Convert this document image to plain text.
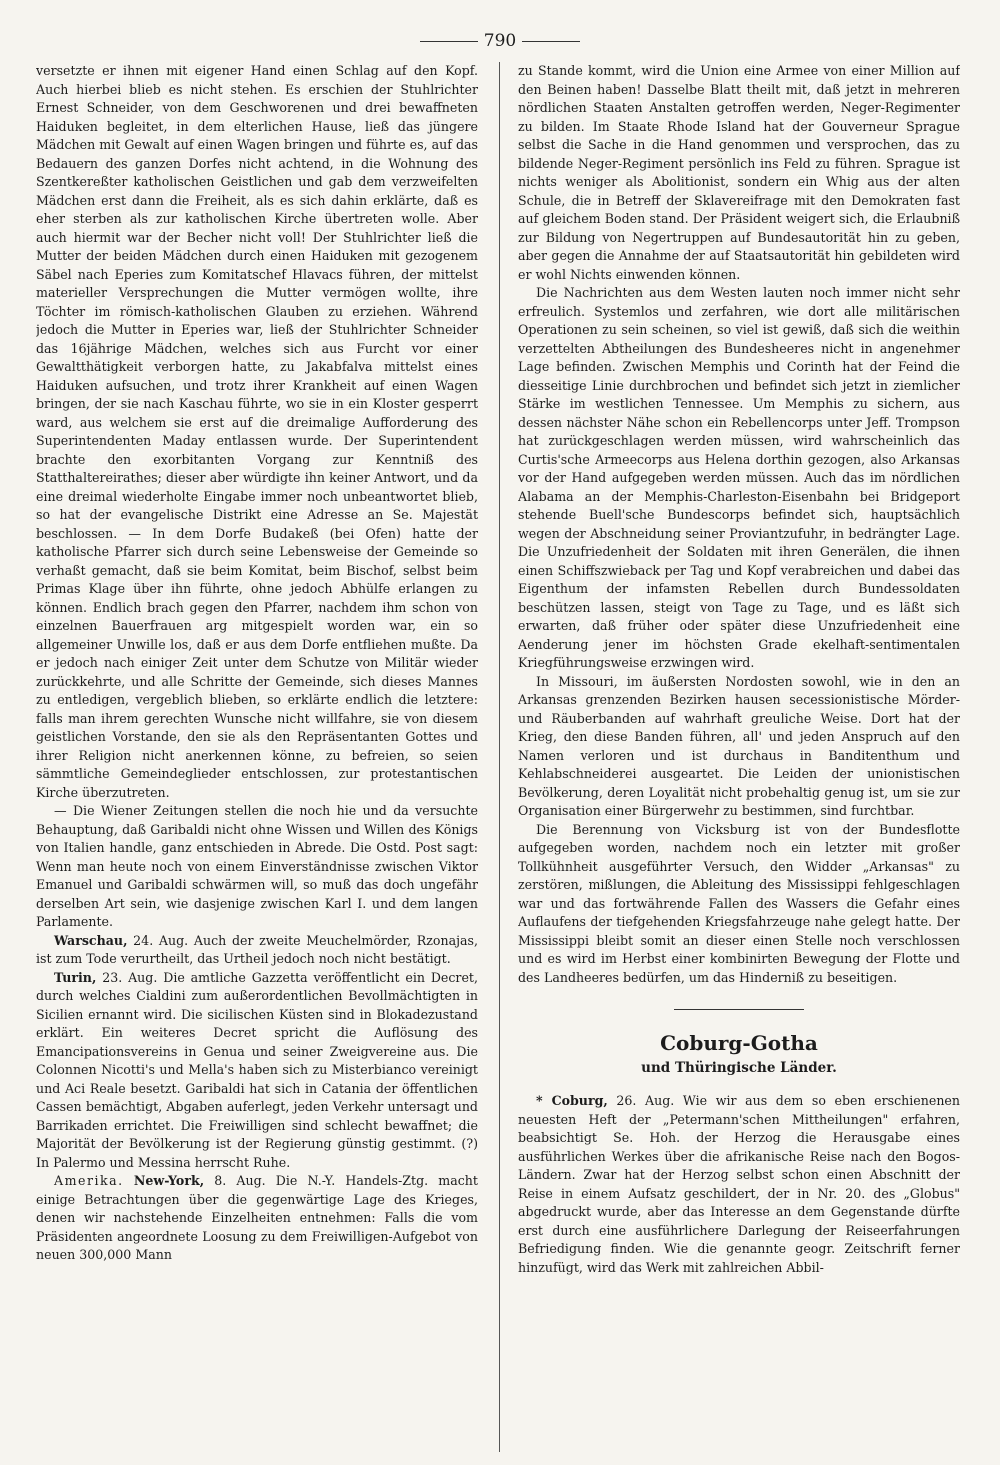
790

versetzte er ihnen mit eigener Hand einen Schlag auf den Kopf. Auch hierbei blieb es nicht stehen. Es erschien der Stuhlrichter Ernest Schneider, von dem Geschworenen und drei bewaffneten Haiduken begleitet, in dem elterlichen Hause, ließ das jüngere Mädchen mit Gewalt auf einen Wagen bringen und führte es, auf das Bedauern des ganzen Dorfes nicht achtend, in die Wohnung des Szentkereßter katholischen Geistlichen und gab dem verzweifelten Mädchen erst dann die Freiheit, als es sich dahin erklärte, daß es eher sterben als zur katholischen Kirche übertreten wolle. Aber auch hiermit war der Becher nicht voll! Der Stuhlrichter ließ die Mutter der beiden Mädchen durch einen Haiduken mit gezogenem Säbel nach Eperies zum Komitatschef Hlavacs führen, der mittelst materieller Versprechungen die Mutter vermögen wollte, ihre Töchter im römisch-katholischen Glauben zu erziehen. Während jedoch die Mutter in Eperies war, ließ der Stuhlrichter Schneider das 16jährige Mädchen, welches sich aus Furcht vor einer Gewaltthätigkeit verborgen hatte, zu Jakabfalva mittelst eines Haiduken aufsuchen, und trotz ihrer Krankheit auf einen Wagen bringen, der sie nach Kaschau führte, wo sie in ein Kloster gesperrt ward, aus welchem sie erst auf die dreimalige Aufforderung des Superintendenten Maday entlassen wurde. Der Superintendent brachte den exorbitanten Vorgang zur Kenntniß des Statthaltereirathes; dieser aber würdigte ihn keiner Antwort, und da eine dreimal wiederholte Eingabe immer noch unbeantwortet blieb, so hat der evangelische Distrikt eine Adresse an Se. Majestät beschlossen. — In dem Dorfe Budakeß (bei Ofen) hatte der katholische Pfarrer sich durch seine Lebensweise der Gemeinde so verhaßt gemacht, daß sie beim Komitat, beim Bischof, selbst beim Primas Klage über ihn führte, ohne jedoch Abhülfe erlangen zu können. Endlich brach gegen den Pfarrer, nachdem ihm schon von einzelnen Bauerfrauen arg mitgespielt worden war, ein so allgemeiner Unwille los, daß er aus dem Dorfe entfliehen mußte. Da er jedoch nach einiger Zeit unter dem Schutze von Militär wieder zurückkehrte, und alle Schritte der Gemeinde, sich dieses Mannes zu entledigen, vergeblich blieben, so erklärte endlich die letztere: falls man ihrem gerechten Wunsche nicht willfahre, sie von diesem geistlichen Vorstande, den sie als den Repräsentanten Gottes und ihrer Religion nicht anerkennen könne, zu befreien, so seien sämmtliche Gemeindeglieder entschlossen, zur protestantischen Kirche überzutreten.

— Die Wiener Zeitungen stellen die noch hie und da versuchte Behauptung, daß Garibaldi nicht ohne Wissen und Willen des Königs von Italien handle, ganz entschieden in Abrede. Die Ostd. Post sagt: Wenn man heute noch von einem Einverständnisse zwischen Viktor Emanuel und Garibaldi schwärmen will, so muß das doch ungefähr derselben Art sein, wie dasjenige zwischen Karl I. und dem langen Parlamente.

Warschau, 24. Aug. Auch der zweite Meuchelmörder, Rzonajas, ist zum Tode verurtheilt, das Urtheil jedoch noch nicht bestätigt.

Turin, 23. Aug. Die amtliche Gazzetta veröffentlicht ein Decret, durch welches Cialdini zum außerordentlichen Bevollmächtigten in Sicilien ernannt wird. Die sicilischen Küsten sind in Blokadezustand erklärt. Ein weiteres Decret spricht die Auflösung des Emancipationsvereins in Genua und seiner Zweigvereine aus. Die Colonnen Nicotti's und Mella's haben sich zu Misterbianco vereinigt und Aci Reale besetzt. Garibaldi hat sich in Catania der öffentlichen Cassen bemächtigt, Abgaben auferlegt, jeden Verkehr untersagt und Barrikaden errichtet. Die Freiwilligen sind schlecht bewaffnet; die Majorität der Bevölkerung ist der Regierung günstig gestimmt. (?) In Palermo und Messina herrscht Ruhe.

Amerika. New-York, 8. Aug. Die N.-Y. Handels-Ztg. macht einige Betrachtungen über die gegenwärtige Lage des Krieges, denen wir nachstehende Einzelheiten entnehmen: Falls die vom Präsidenten angeordnete Loosung zu dem Freiwilligen-Aufgebot von neuen 300,000 Mann

zu Stande kommt, wird die Union eine Armee von einer Million auf den Beinen haben! Dasselbe Blatt theilt mit, daß jetzt in mehreren nördlichen Staaten Anstalten getroffen werden, Neger-Regimenter zu bilden. Im Staate Rhode Island hat der Gouverneur Sprague selbst die Sache in die Hand genommen und versprochen, das zu bildende Neger-Regiment persönlich ins Feld zu führen. Sprague ist nichts weniger als Abolitionist, sondern ein Whig aus der alten Schule, die in Betreff der Sklavereifrage mit den Demokraten fast auf gleichem Boden stand. Der Präsident weigert sich, die Erlaubniß zur Bildung von Negertruppen auf Bundesautorität hin zu geben, aber gegen die Annahme der auf Staatsautorität hin gebildeten wird er wohl Nichts einwenden können.

Die Nachrichten aus dem Westen lauten noch immer nicht sehr erfreulich. Systemlos und zerfahren, wie dort alle militärischen Operationen zu sein scheinen, so viel ist gewiß, daß sich die weithin verzettelten Abtheilungen des Bundesheeres nicht in angenehmer Lage befinden. Zwischen Memphis und Corinth hat der Feind die diesseitige Linie durchbrochen und befindet sich jetzt in ziemlicher Stärke im westlichen Tennessee. Um Memphis zu sichern, aus dessen nächster Nähe schon ein Rebellencorps unter Jeff. Trompson hat zurückgeschlagen werden müssen, wird wahrscheinlich das Curtis'sche Armeecorps aus Helena dorthin gezogen, also Arkansas vor der Hand aufgegeben werden müssen. Auch das im nördlichen Alabama an der Memphis-Charleston-Eisenbahn bei Bridgeport stehende Buell'sche Bundescorps befindet sich, hauptsächlich wegen der Abschneidung seiner Proviantzufuhr, in bedrängter Lage. Die Unzufriedenheit der Soldaten mit ihren Generälen, die ihnen einen Schiffszwieback per Tag und Kopf verabreichen und dabei das Eigenthum der infamsten Rebellen durch Bundessoldaten beschützen lassen, steigt von Tage zu Tage, und es läßt sich erwarten, daß früher oder später diese Unzufriedenheit eine Aenderung jener im höchsten Grade ekelhaft-sentimentalen Kriegführungsweise erzwingen wird.

In Missouri, im äußersten Nordosten sowohl, wie in den an Arkansas grenzenden Bezirken hausen secessionistische Mörder- und Räuberbanden auf wahrhaft greuliche Weise. Dort hat der Krieg, den diese Banden führen, all' und jeden Anspruch auf den Namen verloren und ist durchaus in Banditenthum und Kehlabschneiderei ausgeartet. Die Leiden der unionistischen Bevölkerung, deren Loyalität nicht probehaltig genug ist, um sie zur Organisation einer Bürgerwehr zu bestimmen, sind furchtbar.

Die Berennung von Vicksburg ist von der Bundesflotte aufgegeben worden, nachdem noch ein letzter mit großer Tollkühnheit ausgeführter Versuch, den Widder „Arkansas" zu zerstören, mißlungen, die Ableitung des Mississippi fehlgeschlagen war und das fortwährende Fallen des Wassers die Gefahr eines Auflaufens der tiefgehenden Kriegsfahrzeuge nahe gelegt hatte. Der Mississippi bleibt somit an dieser einen Stelle noch verschlossen und es wird im Herbst einer kombinirten Bewegung der Flotte und des Landheeres bedürfen, um das Hinderniß zu beseitigen.

Coburg-Gotha
und Thüringische Länder.

* Coburg, 26. Aug. Wie wir aus dem so eben erschienenen neuesten Heft der „Petermann'schen Mittheilungen" erfahren, beabsichtigt Se. Hoh. der Herzog die Herausgabe eines ausführlichen Werkes über die afrikanische Reise nach den Bogos-Ländern. Zwar hat der Herzog selbst schon einen Abschnitt der Reise in einem Aufsatz geschildert, der in Nr. 20. des „Globus" abgedruckt wurde, aber das Interesse an dem Gegenstande dürfte erst durch eine ausführlichere Darlegung der Reiseerfahrungen Befriedigung finden. Wie die genannte geogr. Zeitschrift ferner hinzufügt, wird das Werk mit zahlreichen Abbil-
